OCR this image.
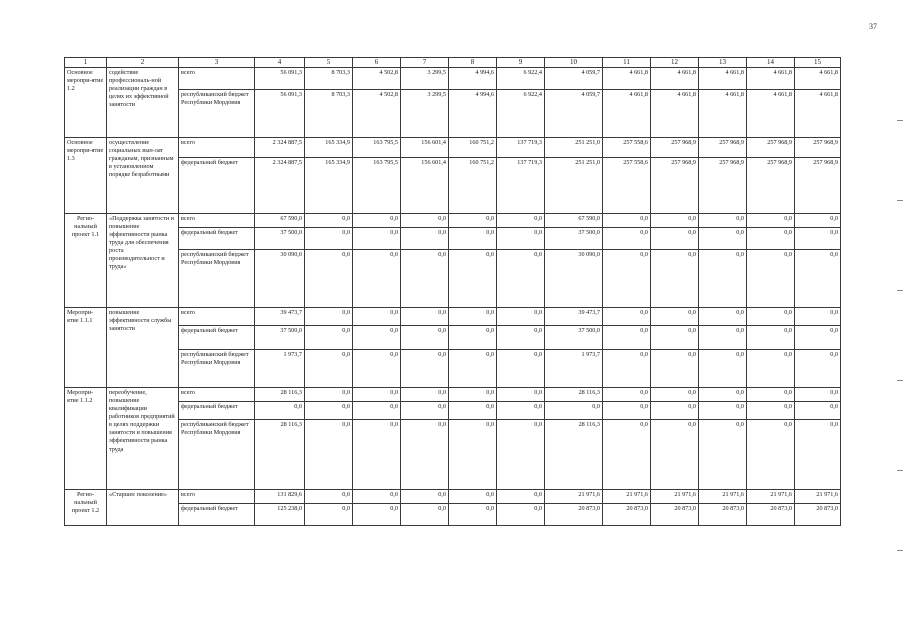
37
1	2	3	4	5	6	7	8	9	10	11	12	13	14	15
Основное меропри-ятие 1.2	содействие профессиональ-ной реализации граждан в целях их эффективной занятости	всего	56 091,3	8 703,3	4 502,8	3 299,5	4 994,6	6 922,4	4 059,7	4 661,8	4 661,8	4 661,8	4 661,8	4 661,8
		республиканский бюджет Республики Мордовия	56 091,3	8 703,3	4 502,8	3 299,5	4 994,6	6 922,4	4 059,7	4 661,8	4 661,8	4 661,8	4 661,8	4 661,8
Основное меропри-ятие 1.3	осуществление социальных вып-лат гражданам, признанным в установленном порядке безработными	всего	2 324 887,5	165 334,9	163 795,5	156 601,4	160 751,2	137 719,3	251 251,0	257 558,6	257 968,9	257 968,9	257 968,9	257 968,9
		федеральный бюджет	2 324 887,5	165 334,9	163 795,5	156 601,4	160 751,2	137 719,3	251 251,0	257 558,6	257 968,9	257 968,9	257 968,9	257 968,9
Регио-нальный проект 1.1	«Поддержка занятости и повышение эффективности рынка труда для обеспечения роста производительност и труда»	всего	67 590,0	0,0	0,0	0,0	0,0	0,0	67 590,0	0,0	0,0	0,0	0,0	0,0
		федеральный бюджет	37 500,0	0,0	0,0	0,0	0,0	0,0	37 500,0	0,0	0,0	0,0	0,0	0,0
		республиканский бюджет Республики Мордовия	30 090,0	0,0	0,0	0,0	0,0	0,0	30 090,0	0,0	0,0	0,0	0,0	0,0
Меропри-ятие 1.1.1	повышение эффективности службы занятости	всего	39 473,7	0,0	0,0	0,0	0,0	0,0	39 473,7	0,0	0,0	0,0	0,0	0,0
		федеральный бюджет	37 500,0	0,0	0,0	0,0	0,0	0,0	37 500,0	0,0	0,0	0,0	0,0	0,0
		республиканский бюджет Республики Мордовия	1 973,7	0,0	0,0	0,0	0,0	0,0	1 973,7	0,0	0,0	0,0	0,0	0,0
Меропри-ятие 1.1.2	переобучение, повышение квалификации работников предприятий в целях поддержки занятости и повышения эффективности рынка труда	всего	28 116,3	0,0	0,0	0,0	0,0	0,0	28 116,3	0,0	0,0	0,0	0,0	0,0
		федеральный бюджет	0,0	0,0	0,0	0,0	0,0	0,0	0,0	0,0	0,0	0,0	0,0	0,0
		республиканский бюджет Республики Мордовия	28 116,3	0,0	0,0	0,0	0,0	0,0	28 116,3	0,0	0,0	0,0	0,0	0,0
Регио-нальный проект 1.2	«Старшее поколение»	всего	131 829,6	0,0	0,0	0,0	0,0	0,0	21 971,6	21 971,6	21 971,6	21 971,6	21 971,6	21 971,6
		федеральный бюджет	125 238,0	0,0	0,0	0,0	0,0	0,0	20 873,0	20 873,0	20 873,0	20 873,0	20 873,0	20 873,0
